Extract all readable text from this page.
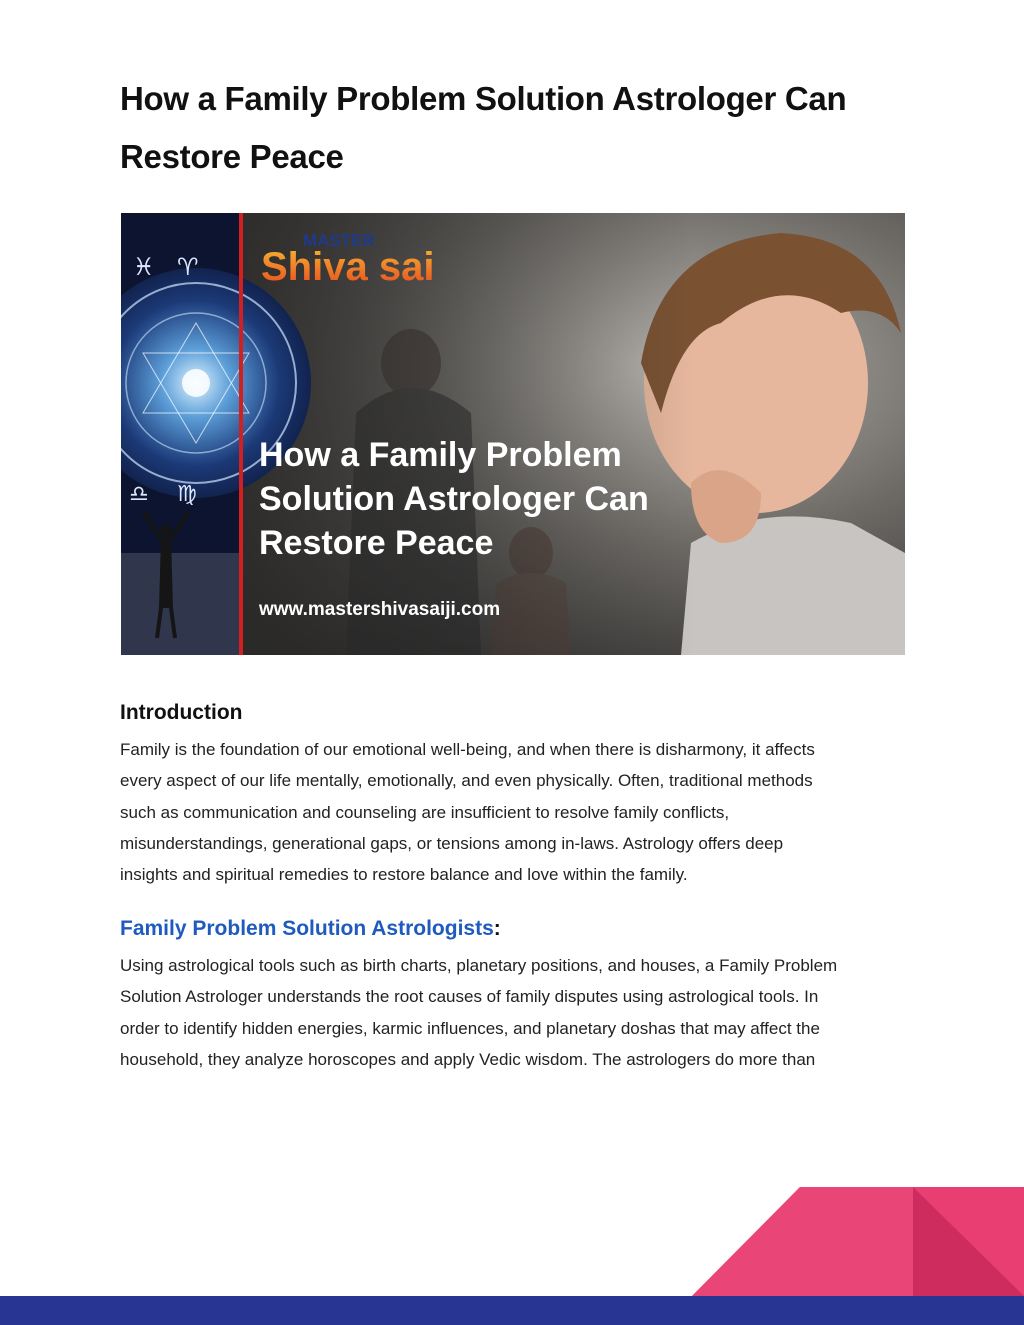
How a Family Problem Solution Astrologer Can Restore Peace
♓ ♈
♎ ♍
MASTER
Shiva sai
How a Family Problem
Solution Astrologer Can
Restore Peace
www.mastershivasaiji.com
Introduction

Family is the foundation of our emotional well-being, and when there is disharmony, it affects
every aspect of our life mentally, emotionally, and even physically. Often, traditional methods
such as communication and counseling are insufficient to resolve family conflicts,
misunderstandings, generational gaps, or tensions among in-laws. Astrology offers deep
insights and spiritual remedies to restore balance and love within the family.

Family Problem Solution Astrologists:

Using astrological tools such as birth charts, planetary positions, and houses, a Family Problem
Solution Astrologer understands the root causes of family disputes using astrological tools. In
order to identify hidden energies, karmic influences, and planetary doshas that may affect the
household, they analyze horoscopes and apply Vedic wisdom. The astrologers do more than
